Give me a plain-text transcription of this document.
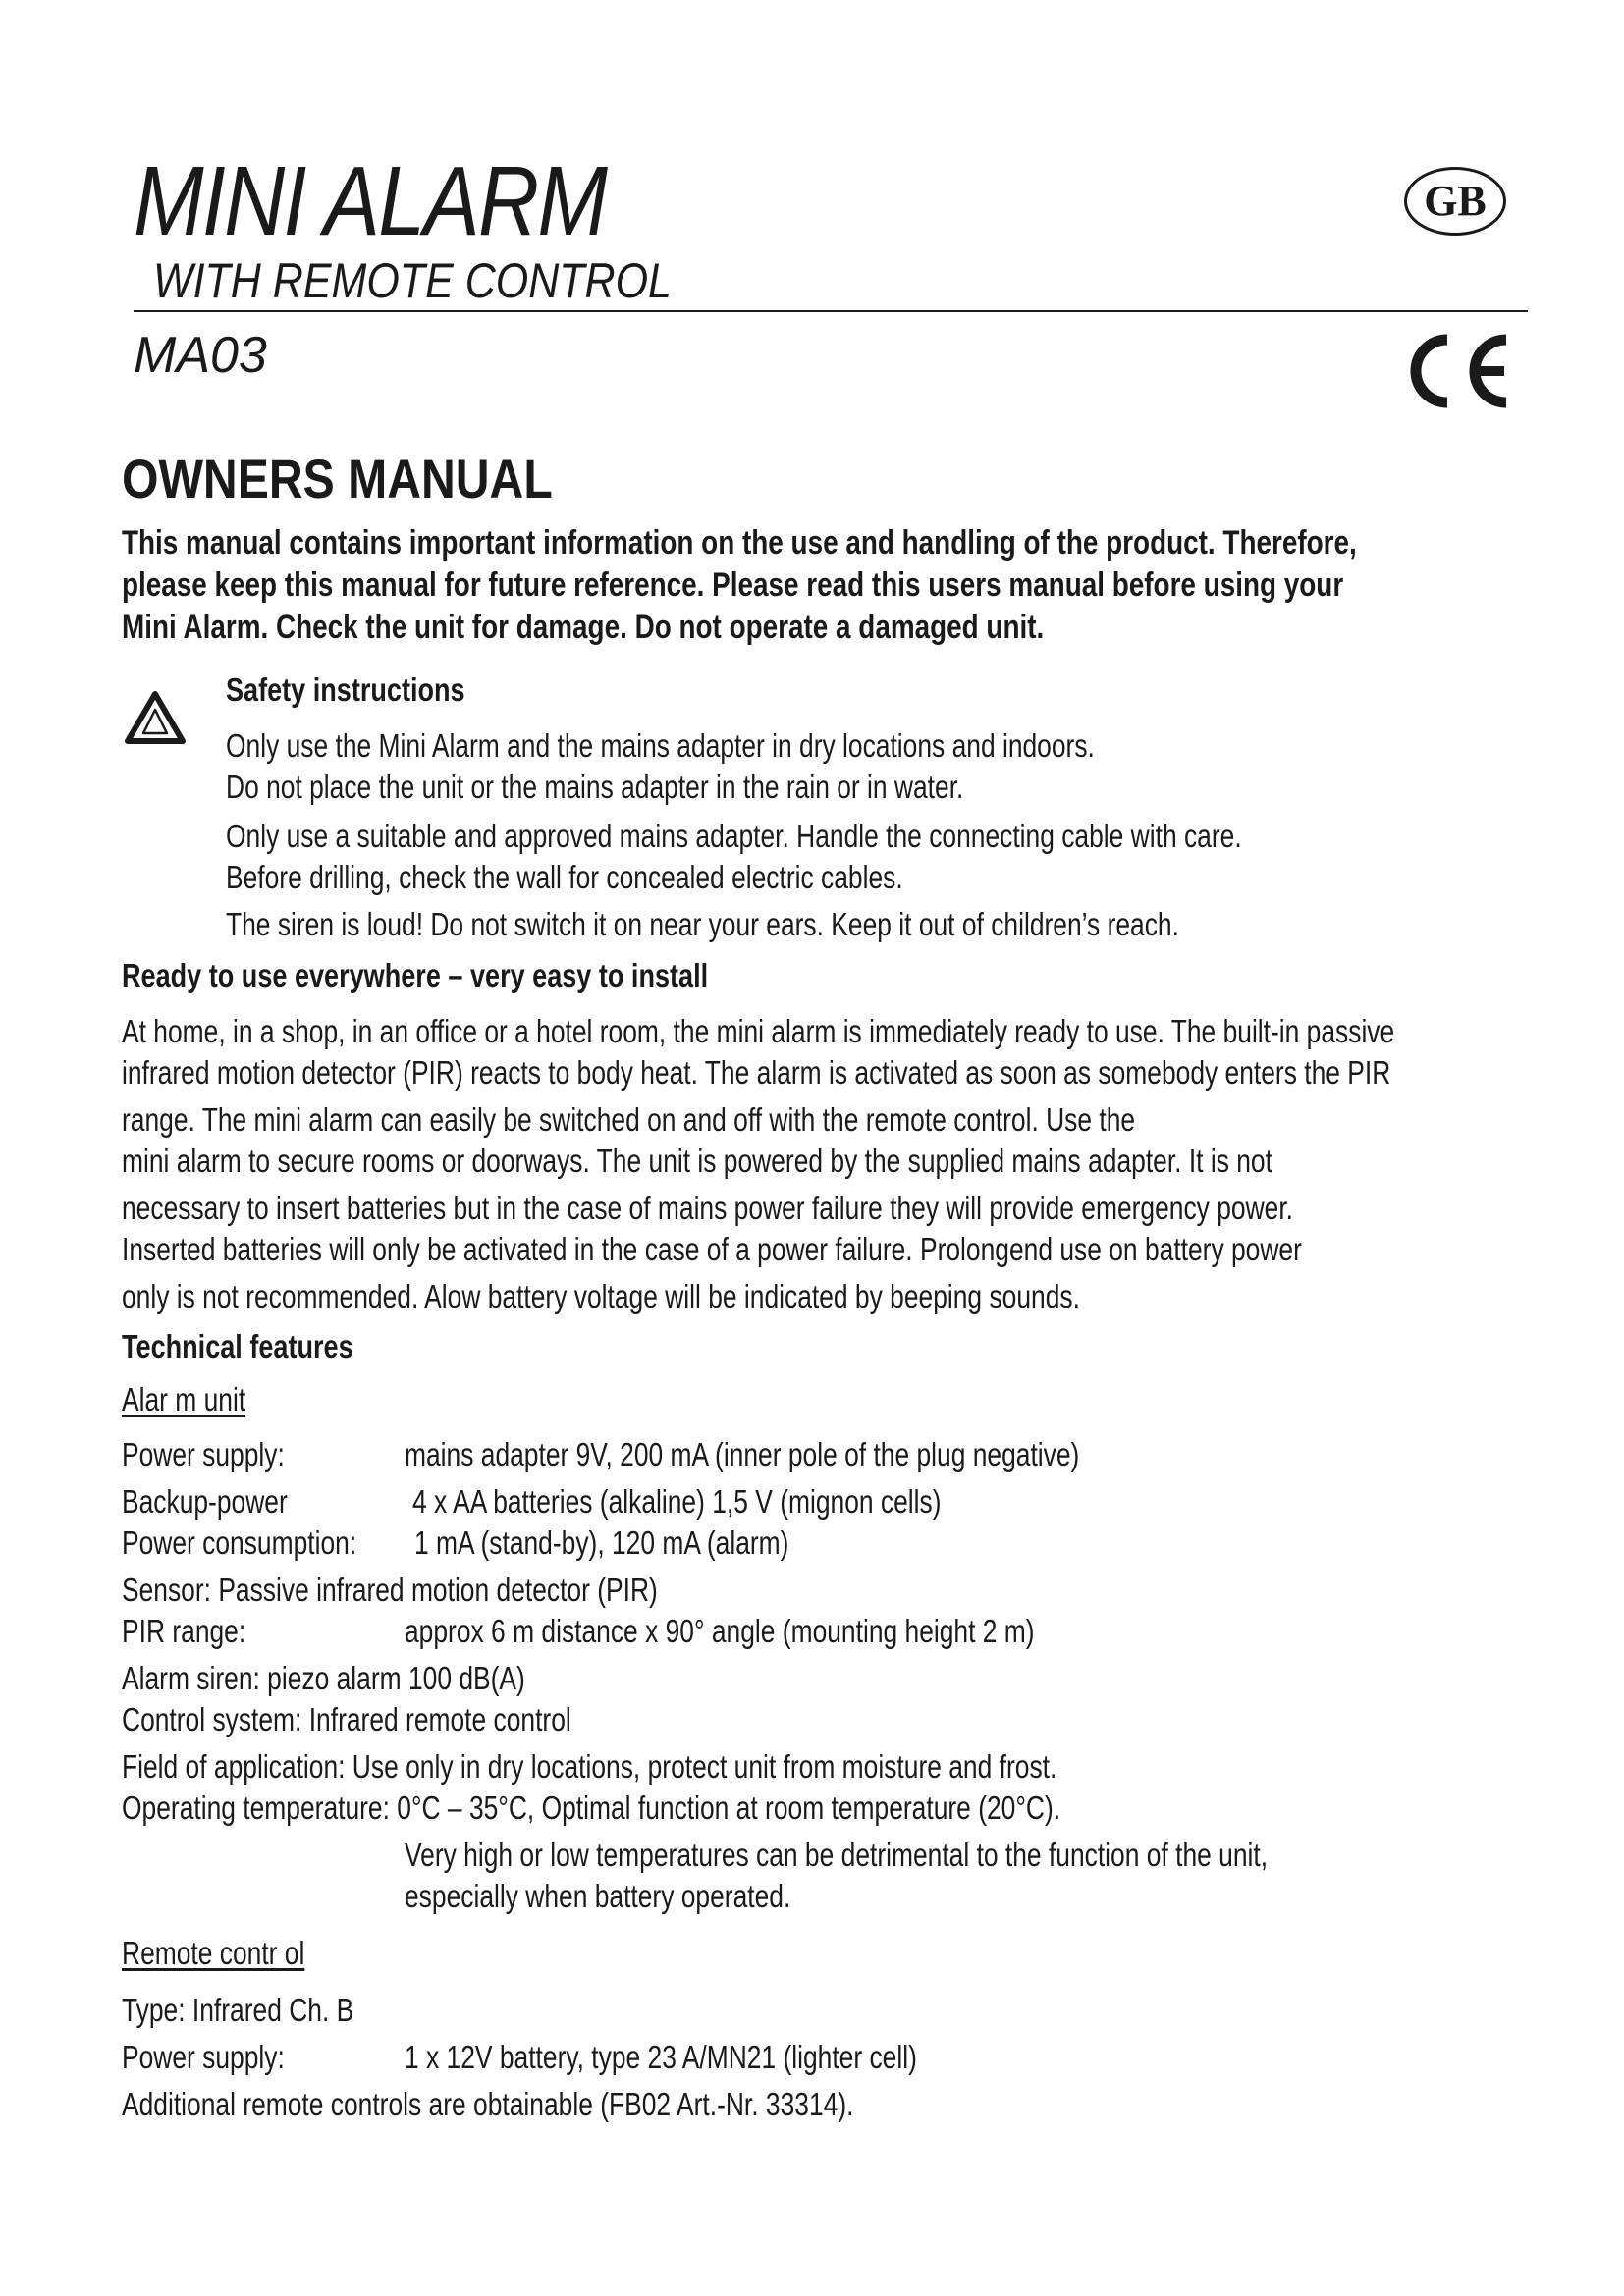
MINI ALARM
WITH REMOTE CONTROL
MA03
GB
OWNERS MANUAL
This manual contains important information on the use and handling of the product. Therefore,
please keep this manual for future reference. Please read this users manual before using your
Mini Alarm. Check the unit for damage. Do not operate a damaged unit.
Safety instructions
Only use the Mini Alarm and the mains adapter in dry locations and indoors.
Do not place the unit or the mains adapter in the rain or in water.
Only use a suitable and approved mains adapter. Handle the connecting cable with care.
Before drilling, check the wall for concealed electric cables.
The siren is loud! Do not switch it on near your ears. Keep it out of children’s reach.
Ready to use everywhere – very easy to install
At home, in a shop, in an office or a hotel room, the mini alarm is immediately ready to use. The built-in passive
infrared motion detector (PIR) reacts to body heat. The alarm is activated as soon as somebody enters the PIR
range. The mini alarm can easily be switched on and off with the remote control. Use the
mini alarm to secure rooms or doorways. The unit is powered by the supplied mains adapter. It is not
necessary to insert batteries but in the case of mains power failure they will provide emergency power.
Inserted batteries will only be activated in the case of a power failure. Prolongend use on battery power
only is not recommended. Alow battery voltage will be indicated by beeping sounds.
Technical features
Alar m unit
Power supply:	mains adapter 9V, 200 mA (inner pole of the plug negative)
Backup-power	4 x AA batteries (alkaline) 1,5 V (mignon cells)
Power consumption: 1 mA (stand-by), 120 mA (alarm)
Sensor: Passive infrared motion detector (PIR)
PIR range:	approx 6 m distance x 90° angle (mounting height 2 m)
Alarm siren: piezo alarm 100 dB(A)
Control system: Infrared remote control
Field of application: Use only in dry locations, protect unit from moisture and frost.
Operating temperature: 0°C – 35°C, Optimal function at room temperature (20°C).
Very high or low temperatures can be detrimental to the function of the unit,
especially when battery operated.
Remote contr ol
Type: Infrared Ch. B
Power supply:	1 x 12V battery, type 23 A/MN21 (lighter cell)
Additional remote controls are obtainable (FB02 Art.-Nr. 33314).
